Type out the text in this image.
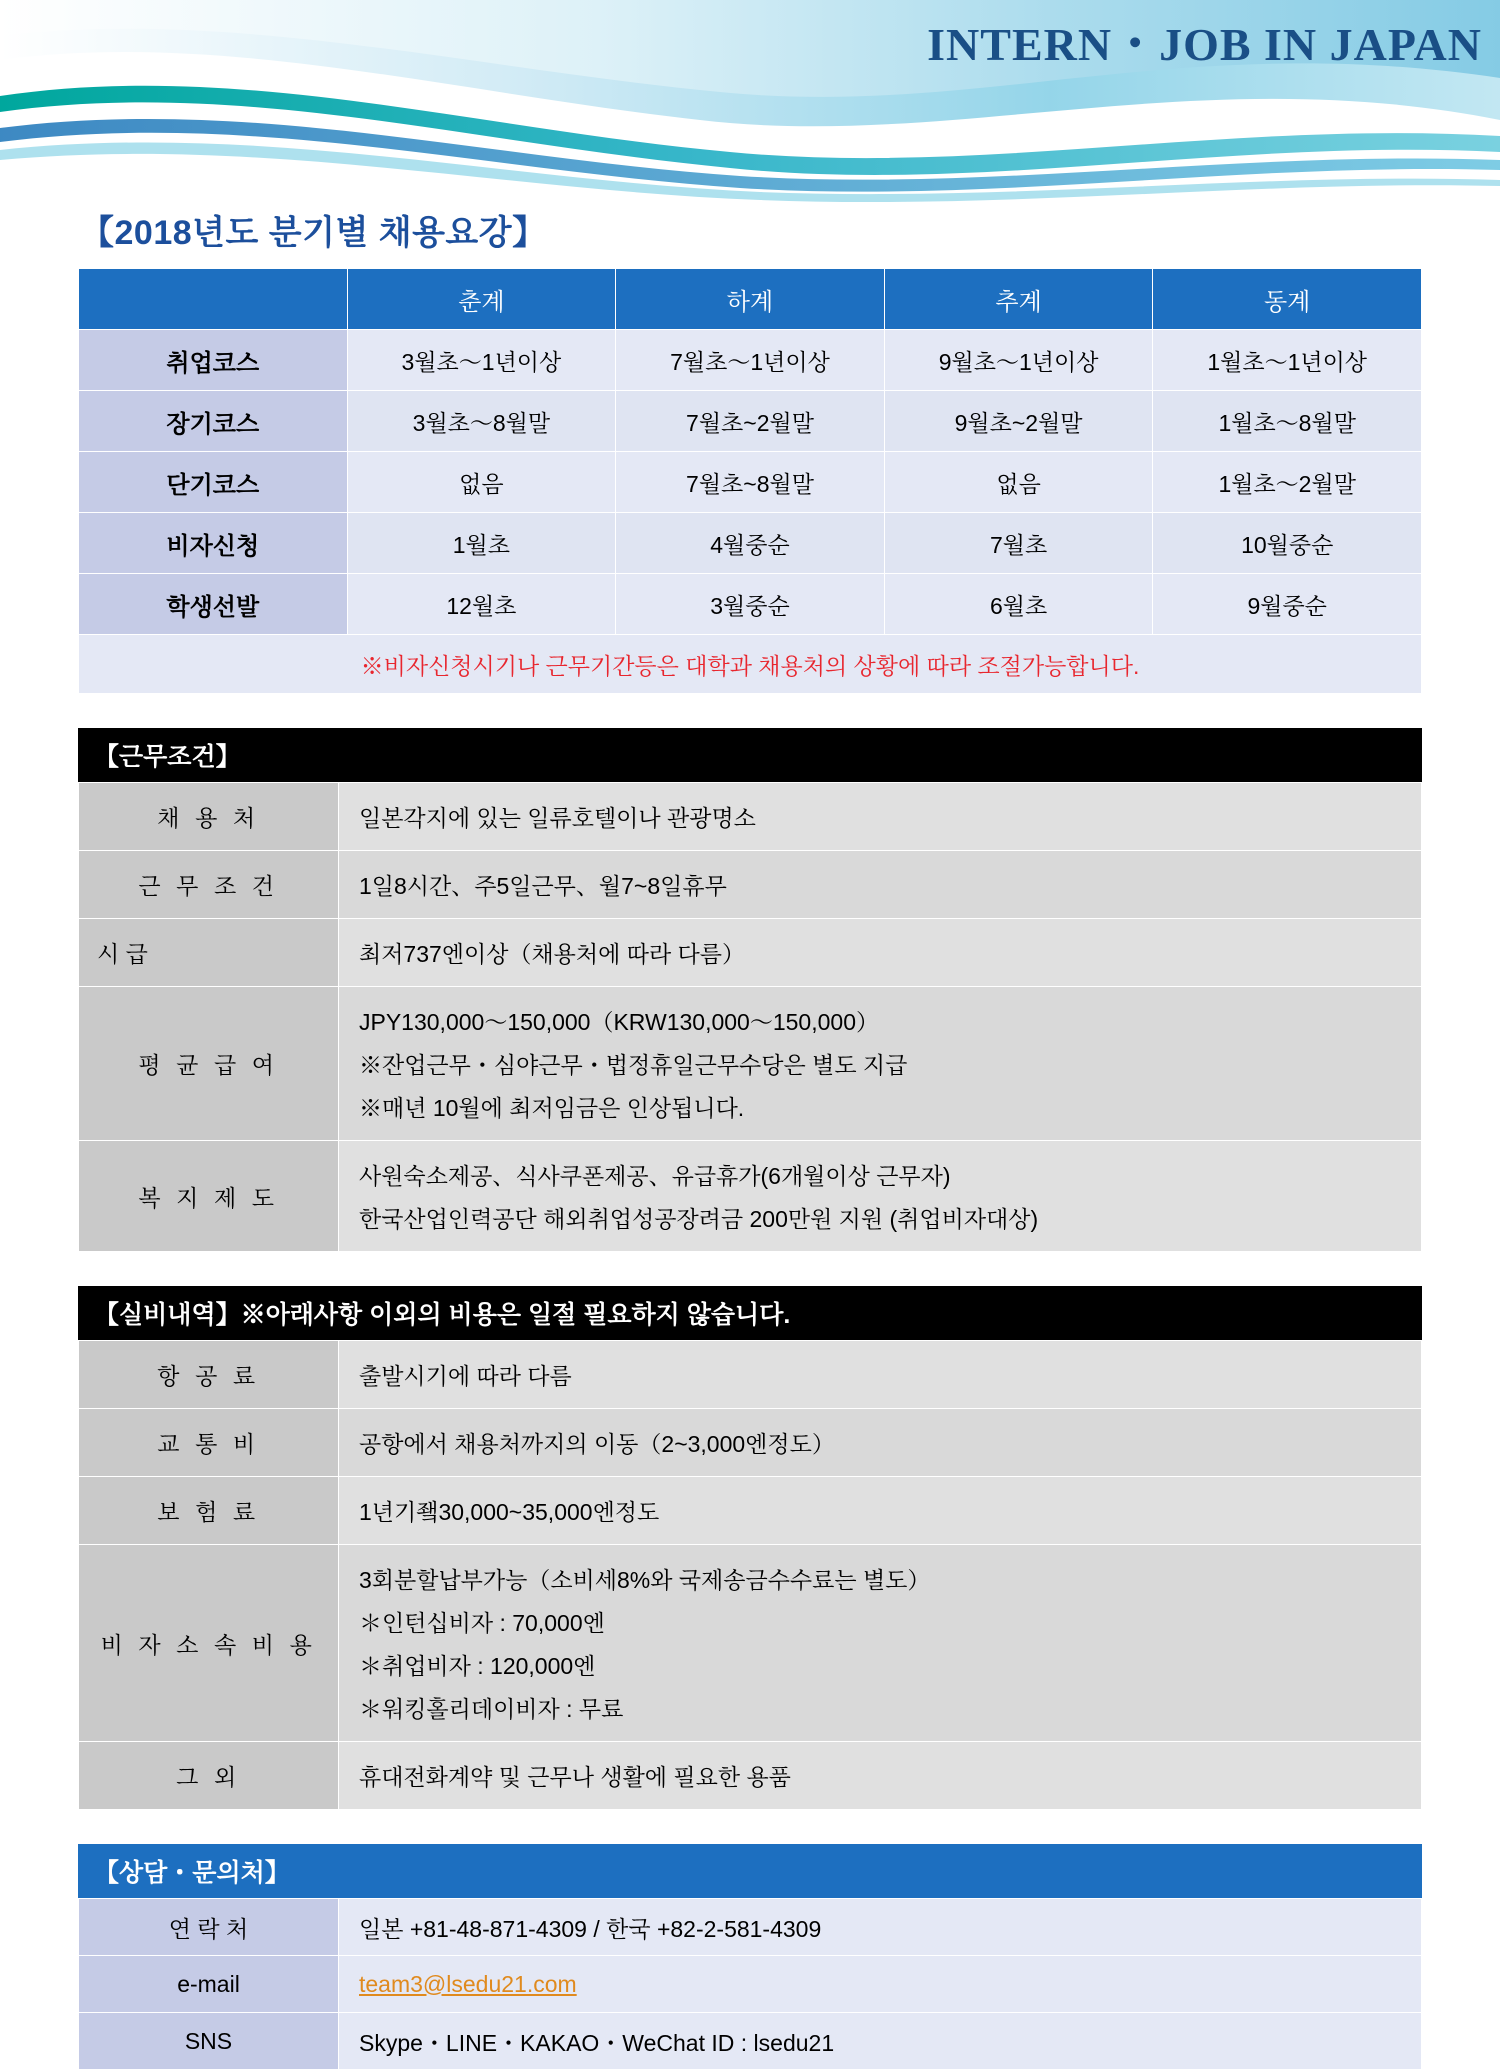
INTERN・JOB IN JAPAN
【2018년도 분기별 채용요강】
	춘계	하계	추계	동계
취업코스	3월초〜1년이상	7월초〜1년이상	9월초〜1년이상	1월초〜1년이상
장기코스	3월초〜8월말	7월초~2월말	9월초~2월말	1월초〜8월말
단기코스	없음	7월초~8월말	없음	1월초〜2월말
비자신청	1월초	4월중순	7월초	10월중순
학생선발	12월초	3월중순	6월초	9월중순
※비자신청시기나 근무기간등은 대학과 채용처의 상황에 따라 조절가능합니다.				
【근무조건】
채 용 처	일본각지에 있는 일류호텔이나 관광명소

근 무 조 건	1일8시간、주5일근무、월7~8일휴무

시 급	최저737엔이상（채용처에 따라 다름）

평 균 급 여	JPY130,000〜150,000（KRW130,000〜150,000）
※잔업근무・심야근무・법정휴일근무수당은 별도 지급
※매년 10월에 최저임금은 인상됩니다.

복 지 제 도	사원숙소제공、식사쿠폰제공、유급휴가(6개월이상 근무자)
한국산업인력공단 해외취업성공장려금 200만원 지원 (취업비자대상)
【실비내역】※아래사항 이외의 비용은 일절 필요하지 않습니다.
항 공 료	출발시기에 따라 다름

교 통 비	공항에서 채용처까지의 이동（2~3,000엔정도）

보 험 료	1년기죀30,000~35,000엔정도

비 자 소 속 비 용	3회분할납부가능（소비세8%와 국제송금수수료는 별도）
＊인턴십비자 : 70,000엔
＊취업비자 : 120,000엔
＊워킹홀리데이비자 : 무료

그 외	휴대전화계약 및 근무나 생활에 필요한 용품
【상담・문의처】
연 락 처	일본 +81-48-871-4309 / 한국 +82-2-581-4309
e-mail	team3@lsedu21.com
SNS	Skype・LINE・KAKAO・WeChat ID : lsedu21
